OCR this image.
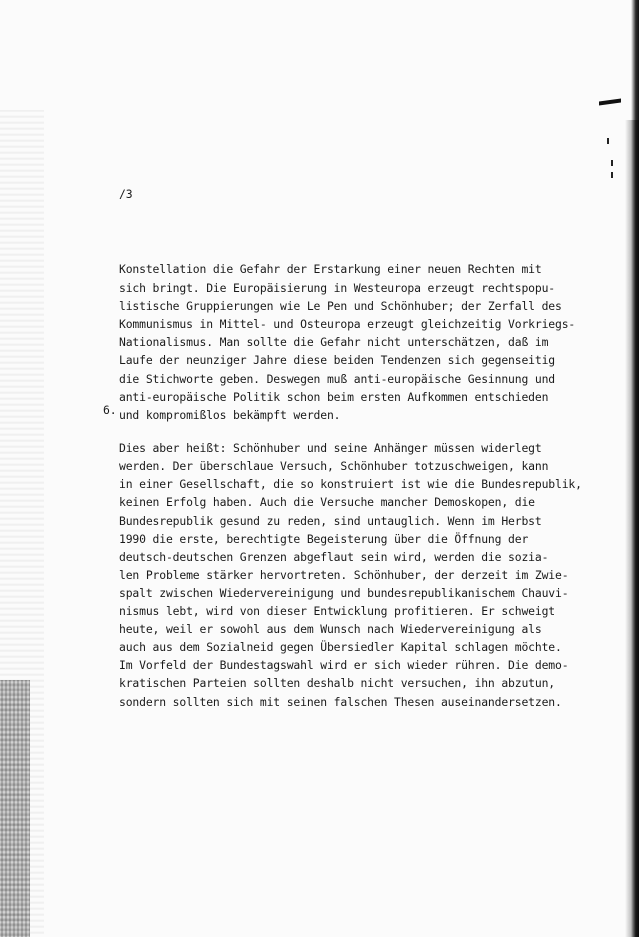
/3

Konstellation die Gefahr der Erstarkung einer neuen Rechten mit
sich bringt. Die Europäisierung in Westeuropa erzeugt rechtspopu-
listische Gruppierungen wie Le Pen und Schönhuber; der Zerfall des
Kommunismus in Mittel- und Osteuropa erzeugt gleichzeitig Vorkriegs-
Nationalismus. Man sollte die Gefahr nicht unterschätzen, daß im
Laufe der neunziger Jahre diese beiden Tendenzen sich gegenseitig
die Stichworte geben. Deswegen muß anti-europäische Gesinnung und
anti-europäische Politik schon beim ersten Aufkommen entschieden
und kompromißlos bekämpft werden.

6.

Dies aber heißt: Schönhuber und seine Anhänger müssen widerlegt
werden. Der überschlaue Versuch, Schönhuber totzuschweigen, kann
in einer Gesellschaft, die so konstruiert ist wie die Bundesrepublik,
keinen Erfolg haben. Auch die Versuche mancher Demoskopen, die
Bundesrepublik gesund zu reden, sind untauglich. Wenn im Herbst
1990 die erste, berechtigte Begeisterung über die Öffnung der
deutsch-deutschen Grenzen abgeflaut sein wird, werden die sozia-
len Probleme stärker hervortreten. Schönhuber, der derzeit im Zwie-
spalt zwischen Wiedervereinigung und bundesrepublikanischem Chauvi-
nismus lebt, wird von dieser Entwicklung profitieren. Er schweigt
heute, weil er sowohl aus dem Wunsch nach Wiedervereinigung als
auch aus dem Sozialneid gegen Übersiedler Kapital schlagen möchte.
Im Vorfeld der Bundestagswahl wird er sich wieder rühren. Die demo-
kratischen Parteien sollten deshalb nicht versuchen, ihn abzutun,
sondern sollten sich mit seinen falschen Thesen auseinandersetzen.
